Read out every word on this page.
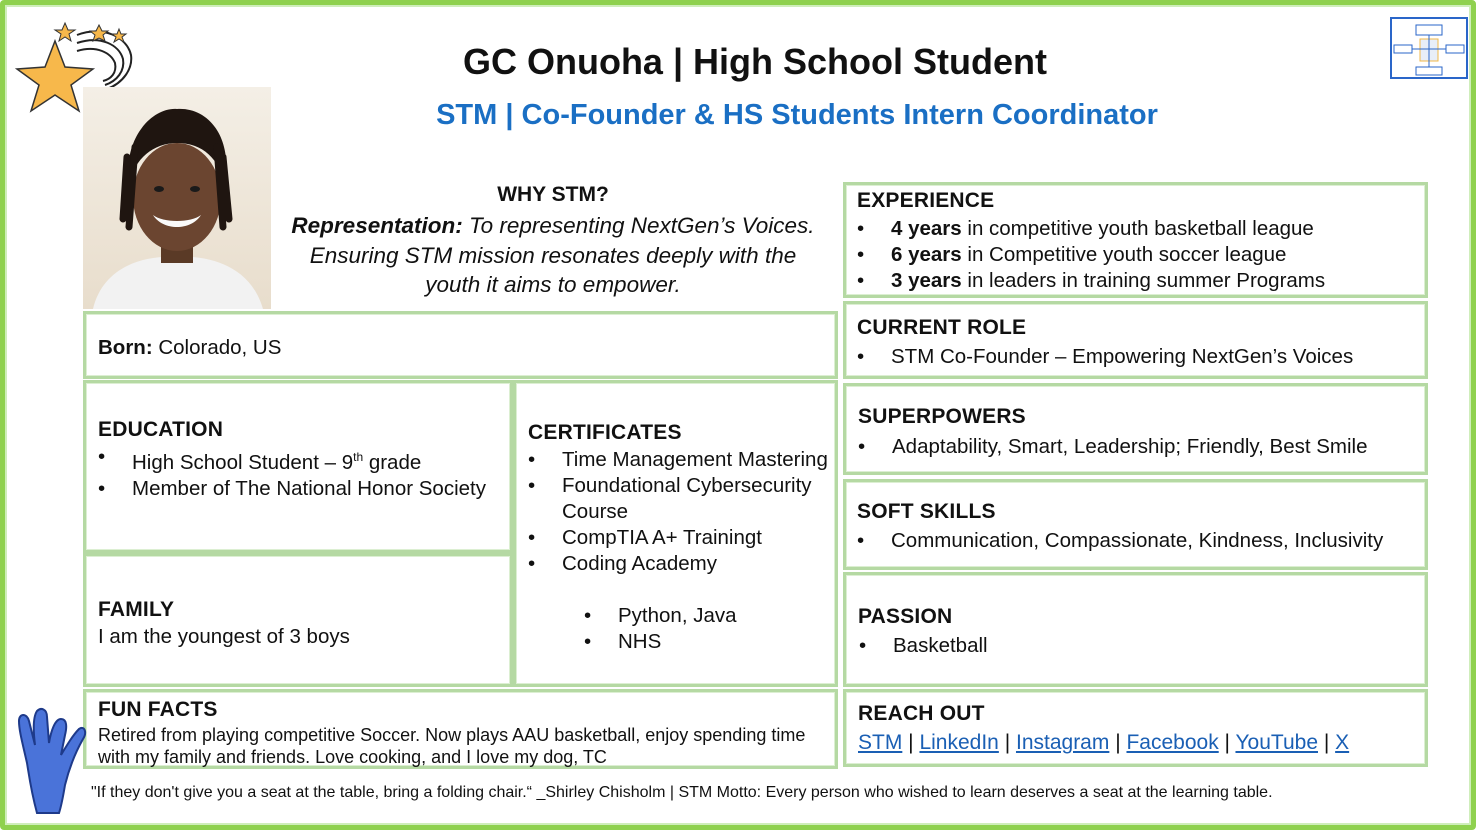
GC Onuoha | High School Student
STM | Co-Founder & HS Students Intern Coordinator
WHY STM?
Representation: To representing NextGen’s Voices. Ensuring STM mission resonates deeply with the youth it aims to empower.
Born: Colorado, US
EDUCATION
• High School Student – 9th grade
• Member of The National Honor Society
FAMILY
I am the youngest of 3 boys
CERTIFICATES
• Time Management Mastering
• Foundational Cybersecurity Course
• CompTIA A+ Trainingt
• Coding Academy
• Python, Java
• NHS
FUN FACTS
Retired from playing competitive Soccer. Now plays AAU basketball, enjoy spending time with my family and friends. Love cooking, and I love my dog, TC
EXPERIENCE
• 4 years in competitive youth basketball league
• 6 years in Competitive youth soccer league
• 3 years in leaders in training summer Programs
CURRENT ROLE
• STM Co-Founder – Empowering NextGen’s Voices
SUPERPOWERS
• Adaptability, Smart, Leadership; Friendly, Best Smile
SOFT SKILLS
• Communication, Compassionate, Kindness, Inclusivity
PASSION
• Basketball
REACH OUT
STM | LinkedIn | Instagram | Facebook | YouTube | X
"If they don't give you a seat at the table, bring a folding chair.“ _Shirley Chisholm | STM Motto: Every person who wished to learn deserves a seat at the learning table.
